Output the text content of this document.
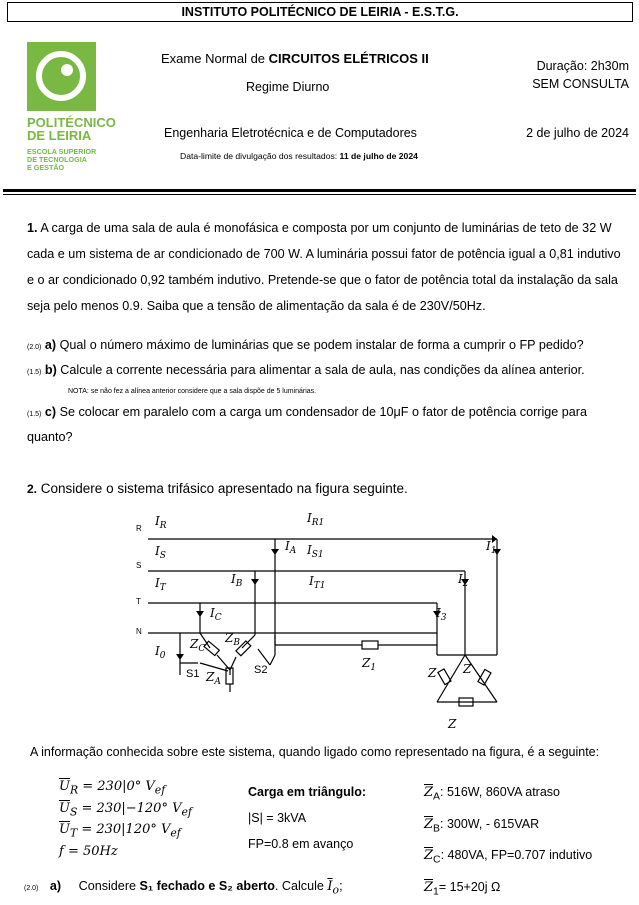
INSTITUTO POLITÉCNICO DE LEIRIA - E.S.T.G.
POLITÉCNICO
DE LEIRIA
ESCOLA SUPERIOR
DE TECNOLOGIA
E GESTÃO
Exame Normal de CIRCUITOS ELÉTRICOS II
Regime Diurno
Engenharia Eletrotécnica e de Computadores
Data-limite de divulgação dos resultados: 11 de julho de 2024
Duração: 2h30m
SEM CONSULTA
2 de julho de 2024
1. A carga de uma sala de aula é monofásica e composta por um conjunto de luminárias de teto de 32 W
cada e um sistema de ar condicionado de 700 W. A luminária possui fator de potência igual a 0,81 indutivo
e o ar condicionado 0,92 também indutivo. Pretende-se que o fator de potência total da instalação da sala
seja pelo menos 0.9. Saiba que a tensão de alimentação da sala é de 230V/50Hz.
(2.0) a) Qual o número máximo de luminárias que se podem instalar de forma a cumprir o FP pedido?
(1.5) b) Calcule a corrente necessária para alimentar a sala de aula, nas condições da alínea anterior.
NOTA: se não fez a alínea anterior considere que a sala dispõe de 5 luminárias.
(1.5) c) Se colocar em paralelo com a carga um condensador de 10μF o fator de potência corrige para
quanto?
2. Considere o sistema trifásico apresentado na figura seguinte.
R
S
T
N
$I_R$
$I_S$
$I_T$
$I_{R1}$
$I_{S1}$
$I_{T1}$
$I_A$
$I_B$
$I_C$
$I_0$
$I_1$
$I_2$
$I_3$
$Z_C$
$Z_B$
$Z_A$
$Z_1$	Z Z
Z
S1	S2
A informação conhecida sobre este sistema, quando ligado como representado na figura, é a seguinte:
$\overline{U}_R = 230|0^\circ$ $V_{ef}$
$\overline{U}_S = 230|-120^\circ$ $V_{ef}$
$\overline{U}_T = 230|120^\circ$ $V_{ef}$
f = 50Hz
Carga em triângulo:
|S| = 3kVA
FP=0.8 em avanço
$\overline{Z}_A$: 516W, 860VA atraso
$\overline{Z}_B$: 300W, - 615VAR
$\overline{Z}_C$: 480VA, FP=0.707 indutivo
$\overline{Z}_1= 15+20j$ Ω
(2.0) a) Considere S₁ fechado e S₂ aberto. Calcule $\overline{I}_o$;
